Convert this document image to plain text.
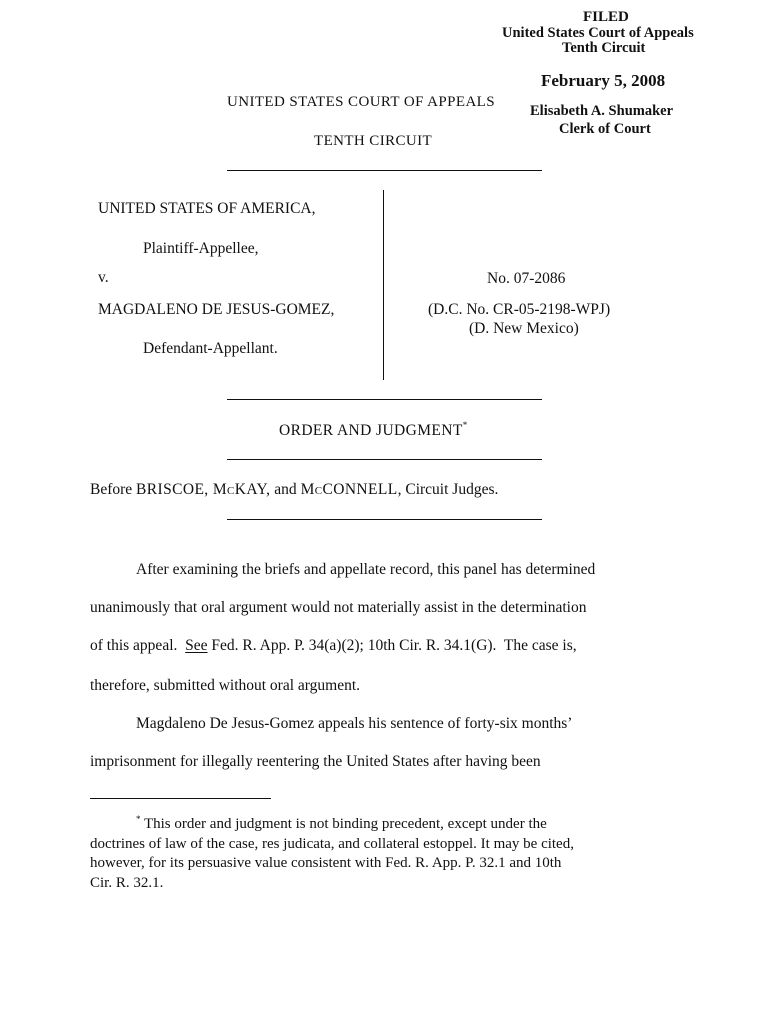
FILED
United States Court of Appeals
Tenth Circuit
February 5, 2008
Elisabeth A. Shumaker
Clerk of Court
UNITED STATES COURT OF APPEALS
TENTH CIRCUIT
UNITED STATES OF AMERICA,
Plaintiff-Appellee,
v.
MAGDALENO DE JESUS-GOMEZ,
Defendant-Appellant.
No. 07-2086
(D.C. No. CR-05-2198-WPJ)
(D. New Mexico)
ORDER AND JUDGMENT*
Before BRISCOE, McKAY, and McCONNELL, Circuit Judges.
After examining the briefs and appellate record, this panel has determined
unanimously that oral argument would not materially assist in the determination
of this appeal.  See Fed. R. App. P. 34(a)(2); 10th Cir. R. 34.1(G).  The case is,
therefore, submitted without oral argument.
Magdaleno De Jesus-Gomez appeals his sentence of forty-six months’
imprisonment for illegally reentering the United States after having been
* This order and judgment is not binding precedent, except under the
doctrines of law of the case, res judicata, and collateral estoppel. It may be cited,
however, for its persuasive value consistent with Fed. R. App. P. 32.1 and 10th
Cir. R. 32.1.
